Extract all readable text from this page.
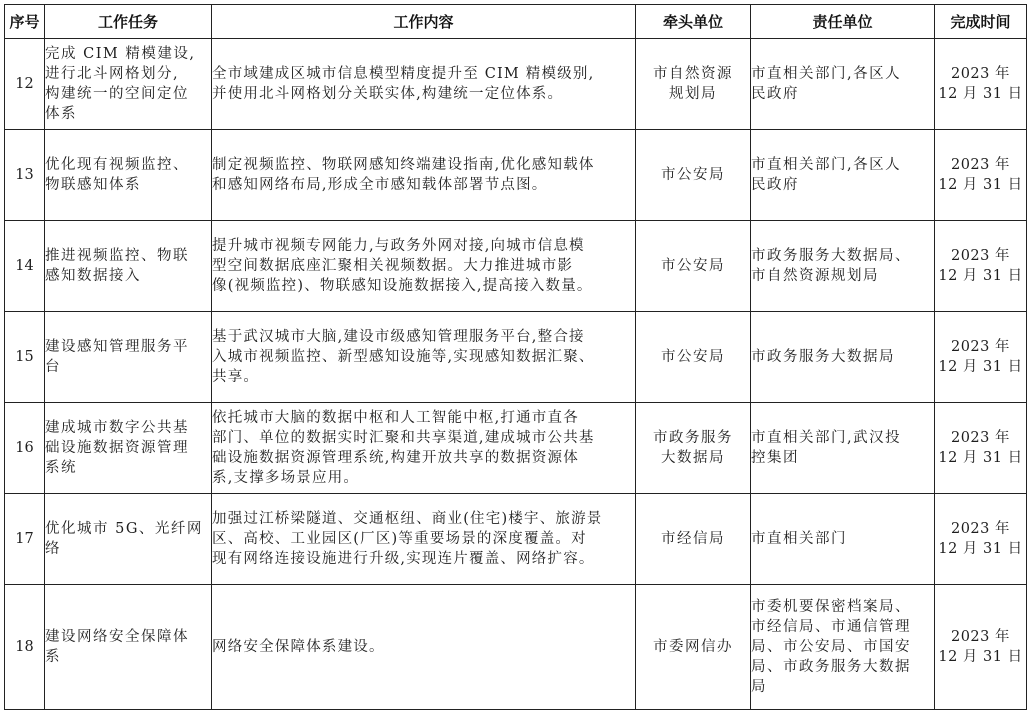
序号	工作任务	工作内容	牵头单位	责任单位	完成时间
12	完成 CIM 精模建设,
进行北斗网格划分,
构建统一的空间定位
体系	全市域建成区城市信息模型精度提升至 CIM 精模级别,
并使用北斗网格划分关联实体,构建统一定位体系。	市自然资源
规划局	市直相关部门,各区人
民政府	2023 年
12 月 31 日

13	优化现有视频监控、
物联感知体系	制定视频监控、物联网感知终端建设指南,优化感知载体
和感知网络布局,形成全市感知载体部署节点图。	市公安局	市直相关部门,各区人
民政府	2023 年
12 月 31 日

14	推进视频监控、物联
感知数据接入	提升城市视频专网能力,与政务外网对接,向城市信息模
型空间数据底座汇聚相关视频数据。大力推进城市影
像(视频监控)、物联感知设施数据接入,提高接入数量。	市公安局	市政务服务大数据局、
市自然资源规划局	2023 年
12 月 31 日

15	建设感知管理服务平
台	基于武汉城市大脑,建设市级感知管理服务平台,整合接
入城市视频监控、新型感知设施等,实现感知数据汇聚、
共享。	市公安局	市政务服务大数据局	2023 年
12 月 31 日

16	建成城市数字公共基
础设施数据资源管理
系统	依托城市大脑的数据中枢和人工智能中枢,打通市直各
部门、单位的数据实时汇聚和共享渠道,建成城市公共基
础设施数据资源管理系统,构建开放共享的数据资源体
系,支撑多场景应用。	市政务服务
大数据局	市直相关部门,武汉投
控集团	2023 年
12 月 31 日

17	优化城市 5G、光纤网
络	加强过江桥梁隧道、交通枢纽、商业(住宅)楼宇、旅游景
区、高校、工业园区(厂区)等重要场景的深度覆盖。对
现有网络连接设施进行升级,实现连片覆盖、网络扩容。	市经信局	市直相关部门	2023 年
12 月 31 日

18	建设网络安全保障体
系	网络安全保障体系建设。	市委网信办	市委机要保密档案局、
市经信局、市通信管理
局、市公安局、市国安
局、市政务服务大数据
局	2023 年
12 月 31 日
